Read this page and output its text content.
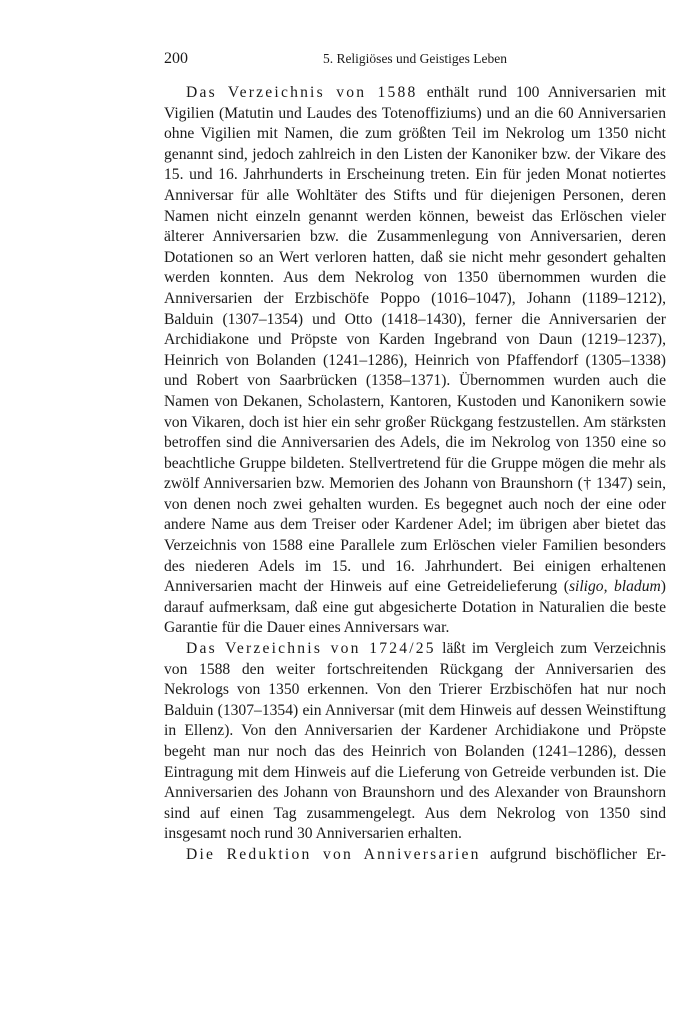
200	5. Religiöses und Geistiges Leben

Das Verzeichnis von 1588 enthält rund 100 Anniversarien mit Vigilien (Matutin und Laudes des Totenoffiziums) und an die 60 Anniversarien ohne Vigilien mit Namen, die zum größten Teil im Nekrolog um 1350 nicht genannt sind, jedoch zahlreich in den Listen der Kanoniker bzw. der Vikare des 15. und 16. Jahrhunderts in Erscheinung treten. Ein für jeden Monat notiertes Anniversar für alle Wohltäter des Stifts und für diejenigen Personen, deren Namen nicht einzeln genannt werden können, beweist das Erlöschen vieler älterer Anniversarien bzw. die Zusammenlegung von Anniversarien, deren Dotationen so an Wert verloren hatten, daß sie nicht mehr gesondert gehalten werden konnten. Aus dem Nekrolog von 1350 übernommen wurden die Anniversarien der Erzbischöfe Poppo (1016–1047), Johann (1189–1212), Balduin (1307–1354) und Otto (1418–1430), ferner die Anniversarien der Archidiakone und Pröpste von Karden Ingebrand von Daun (1219–1237), Heinrich von Bolanden (1241–1286), Heinrich von Pfaffendorf (1305–1338) und Robert von Saarbrücken (1358–1371). Übernommen wurden auch die Namen von Dekanen, Scholastern, Kantoren, Kustoden und Kanonikern sowie von Vikaren, doch ist hier ein sehr großer Rückgang festzustellen. Am stärksten betroffen sind die Anniversarien des Adels, die im Nekrolog von 1350 eine so beachtliche Gruppe bildeten. Stellvertretend für die Gruppe mögen die mehr als zwölf Anniversarien bzw. Memorien des Johann von Braunshorn († 1347) sein, von denen noch zwei gehalten wurden. Es begegnet auch noch der eine oder andere Name aus dem Treiser oder Kardener Adel; im übrigen aber bietet das Verzeichnis von 1588 eine Parallele zum Erlöschen vieler Familien besonders des niederen Adels im 15. und 16. Jahrhundert. Bei einigen erhaltenen Anniversarien macht der Hinweis auf eine Getreidelieferung (siligo, bladum) darauf aufmerksam, daß eine gut abgesicherte Dotation in Naturalien die beste Garantie für die Dauer eines Anniversars war.

Das Verzeichnis von 1724/25 läßt im Vergleich zum Verzeichnis von 1588 den weiter fortschreitenden Rückgang der Anniversarien des Nekrologs von 1350 erkennen. Von den Trierer Erzbischöfen hat nur noch Balduin (1307–1354) ein Anniversar (mit dem Hinweis auf dessen Weinstiftung in Ellenz). Von den Anniversarien der Kardener Archidiakone und Pröpste begeht man nur noch das des Heinrich von Bolanden (1241–1286), dessen Eintragung mit dem Hinweis auf die Lieferung von Getreide verbunden ist. Die Anniversarien des Johann von Braunshorn und des Alexander von Braunshorn sind auf einen Tag zusammengelegt. Aus dem Nekrolog von 1350 sind insgesamt noch rund 30 Anniversarien erhalten.

Die Reduktion von Anniversarien aufgrund bischöflicher Er-
